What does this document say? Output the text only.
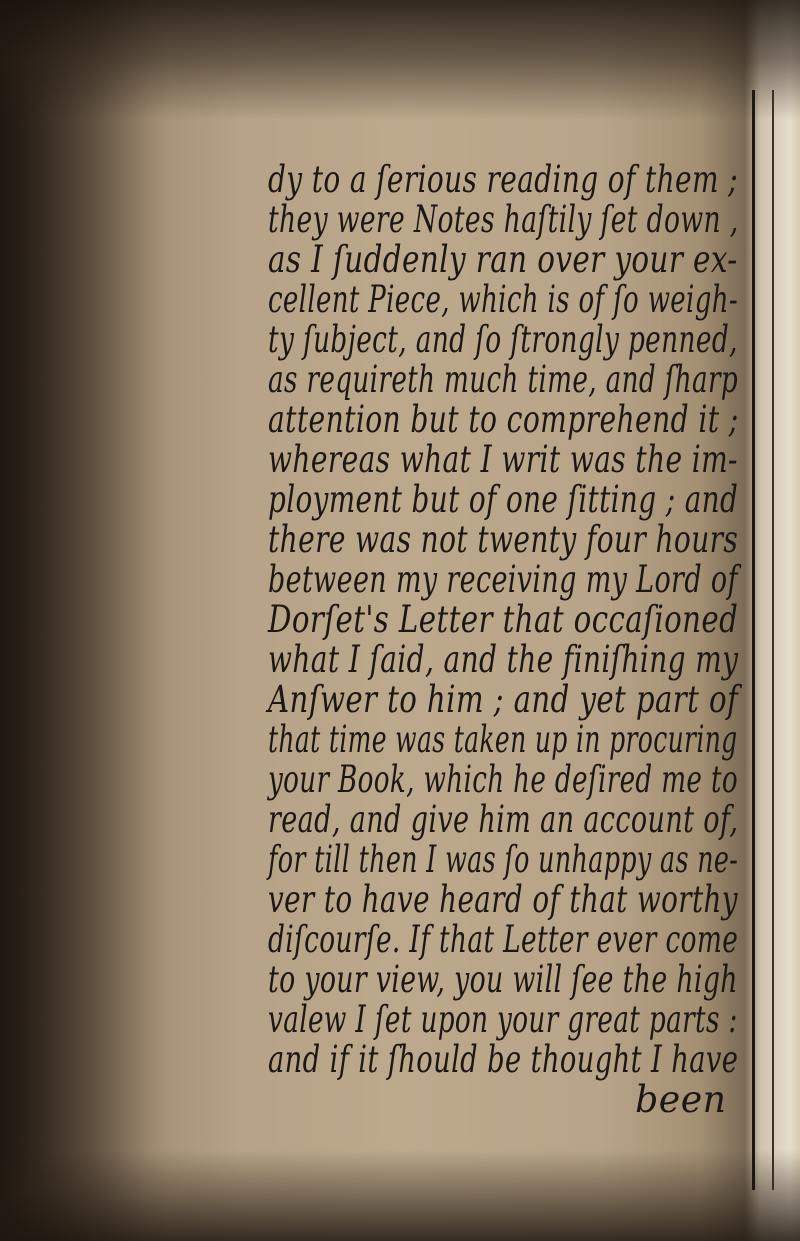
dy to a ſerious reading of them ;
they were Notes haſtily ſet down ,
as I ſuddenly ran over your ex-
cellent Piece, which is of ſo weigh-
ty ſubject, and ſo ſtrongly penned,
as requireth much time, and ſharp
attention but to comprehend it ;
whereas what I writ was the im-
ployment but of one ſitting ; and
there was not twenty four hours
between my receiving my Lord of
Dorſet's Letter that occaſioned
what I ſaid, and the finiſhing my
Anſwer to him ; and yet part of
that time was taken up in procuring
your Book, which he deſired me to
read, and give him an account of,
for till then I was ſo unhappy as ne-
ver to have heard of that worthy
diſcourſe. If that Letter ever come
to your view, you will ſee the high
valew I ſet upon your great parts :
and if it ſhould be thought I have
been
